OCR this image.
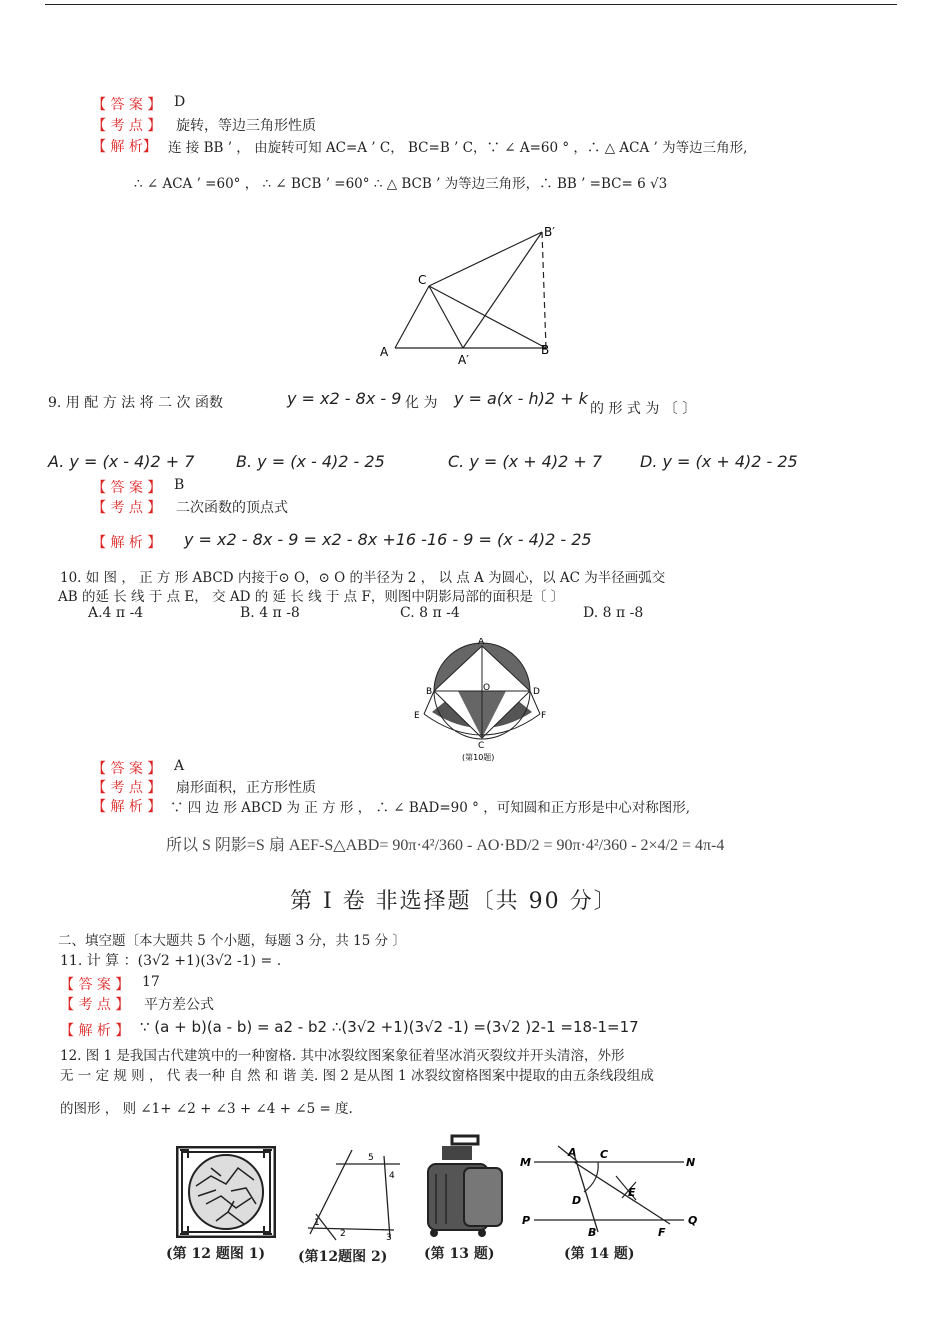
【 答 案 】 D
【 考 点 】 旋转，等边三角形性质
【 解 析】 连 接 BB ’ ， 由旋转可知 AC=A ’ C， BC=B ’ C，∵ ∠ A=60 ° ，∴ △ ACA ’ 为等边三角形,
∴ ∠ ACA ’ =60° ， ∴ ∠ BCB ’ =60° ∴ △ BCB ’ 为等边三角形，∴ BB ’ =BC= 6 √3
A
A′
B
B′
C
9. 用 配 方 法 将 二 次 函数	y = x2 - 8x - 9 化 为 y = a(x - h)2 + k
的 形 式 为 〔 〕
A. y = (x - 4)2 + 7	B. y = (x - 4)2 - 25	C. y = (x + 4)2 + 7 D. y = (x + 4)2 - 25
【 答 案 】 B
【 考 点 】 二次函数的顶点式
【 解 析 】 y = x2 - 8x - 9 = x2 - 8x +16 -16 - 9 = (x - 4)2 - 25
10. 如 图 ， 正 方 形 ABCD 内接于⊙ O，⊙ O 的半径为 2 ， 以 点 A 为圆心，以 AC 为半径画弧交
AB 的延 长 线 于 点 E， 交 AD 的 延 长 线 于 点 F，则图中阴影局部的面积是〔 〕
A.4 π -4	B. 4 π -8	C. 8 π -4	D. 8 π -8
A
B
C
D
E	F
O
(第10题)
【 答 案 】 A
【 考 点 】 扇形面积，正方形性质
【 解 析 】 ∵ 四 边 形 ABCD 为 正 方 形 ， ∴ ∠ BAD=90 ° ，可知圆和正方形是中心对称图形,
所以 S 阴影=S 扇 AEF-S△ABD= 90π·4²/360 - AO·BD/2 = 90π·4²/360 - 2×4/2 = 4π-4
第 I 卷 非选择题〔共 90 分〕
二、填空题〔本大题共 5 个小题，每题 3 分，共 15 分 〕
11. 计 算 ：(3√2 +1)(3√2 -1) = .
【 答 案 】 17
【 考 点 】 平方差公式
【 解 析 】 ∵ (a + b)(a - b) = a2 - b2 ∴(3√2 +1)(3√2 -1) =(3√2 )2-1 =18-1=17
12. 图 1 是我国古代建筑中的一种窗格. 其中冰裂纹图案象征着坚冰消灭裂纹并开头清溶，外形
无 一 定 规 则 ， 代 表一种 自 然 和 谐 美. 图 2 是从图 1 冰裂纹窗格图案中提取的由五条线段组成
的图形 ， 则 ∠1+ ∠2 + ∠3 + ∠4 + ∠5 = 度.
(第 12 题图 1)
1
2	3
4
5
(第12题图 2)	(第 13 题)
M	N
P	Q
A
B
C
D
E
F
(第 14 题)
